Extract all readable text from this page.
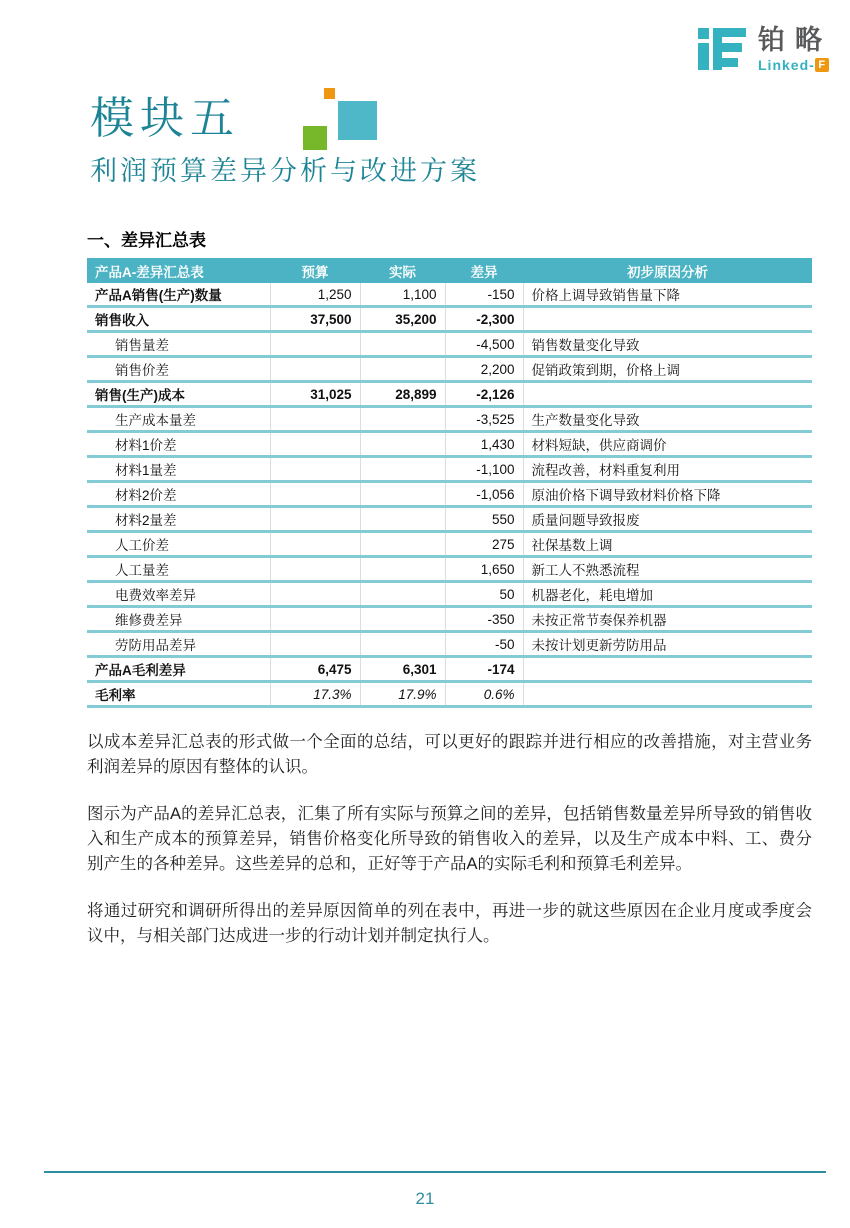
铂略
Linked- F
模块五
利润预算差异分析与改进方案
一、差异汇总表
产品A-差异汇总表	预算	实际	差异	初步原因分析
产品A销售(生产)数量	1,250	1,100	-150	价格上调导致销售量下降
销售收入	37,500	35,200	-2,300	
销售量差			-4,500	销售数量变化导致
销售价差			2,200	促销政策到期，价格上调
销售(生产)成本	31,025	28,899	-2,126	
生产成本量差			-3,525	生产数量变化导致
材料1价差			1,430	材料短缺，供应商调价
材料1量差			-1,100	流程改善，材料重复利用
材料2价差			-1,056	原油价格下调导致材料价格下降
材料2量差			550	质量问题导致报废
人工价差			275	社保基数上调
人工量差			1,650	新工人不熟悉流程
电费效率差异			50	机器老化，耗电增加
维修费差异			-350	未按正常节奏保养机器
劳防用品差异			-50	未按计划更新劳防用品
产品A毛利差异	6,475	6,301	-174	
毛利率	17.3%	17.9%	0.6%	

以成本差异汇总表的形式做一个全面的总结，可以更好的跟踪并进行相应的改善措施，对主营业务利润差异的原因有整体的认识。

图示为产品A的差异汇总表，汇集了所有实际与预算之间的差异，包括销售数量差异所导致的销售收入和生产成本的预算差异，销售价格变化所导致的销售收入的差异，以及生产成本中料、工、费分别产生的各种差异。这些差异的总和，正好等于产品A的实际毛利和预算毛利差异。

将通过研究和调研所得出的差异原因简单的列在表中，再进一步的就这些原因在企业月度或季度会议中，与相关部门达成进一步的行动计划并制定执行人。

21
